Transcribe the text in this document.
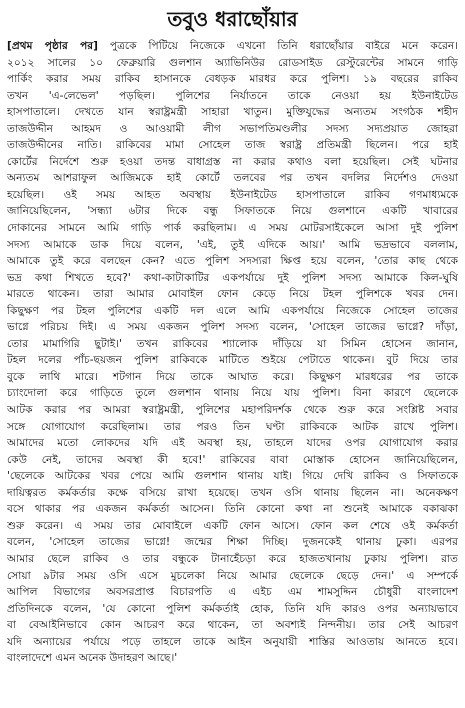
তবুও ধরাছোঁয়ার
[প্রথম পৃষ্ঠার পর] পুত্রকে পিটিয়ে নিজেকে এখনো তিনি ধরাছোঁয়ার বাইরে মনে করেন।
২০১২ সালের ১০ ফেব্রুয়ারি গুলশান অ্যাভিনিউর রোডসাইড রেস্টুরেন্টের সামনে গাড়ি
পার্কিং করার সময় রাকিব হাসানকে বেধড়ক মারধর করে পুলিশ। ১৯ বছরের রাকিব
তখন 'এ-লেভেল' পড়ছিল। পুলিশের নির্যাতনে তাকে নেওয়া হয় ইউনাইটেড
হাসপাতালে। দেখতে যান স্বরাষ্ট্রমন্ত্রী সাহারা খাতুন। মুক্তিযুদ্ধের অন্যতম সংগঠক শহীদ
তাজউদ্দীন আহমদ ও আওয়ামী লীগ সভাপতিমণ্ডলীর সদস্য সদ্যপ্রয়াত জোহরা
তাজউদ্দীনের নাতি। রাকিবের মামা সোহেল তাজ স্বরাষ্ট্র প্রতিমন্ত্রী ছিলেন। পরে হাই
কোর্টের নির্দেশে শুরু হওয়া তদন্ত বাধাগ্রস্ত না করার কথাও বলা হয়েছিল। সেই ঘটনার
অন্যতম আশরাফুল আজিমকে হাই কোর্টে তলবের পর তখন বদলির নির্দেশও দেওয়া
হয়েছিল। ওই সময় আহত অবস্থায় ইউনাইটেড হাসপাতালে রাকিব গণমাধ্যমকে
জানিয়েছিলেন, 'সন্ধ্যা ৬টার দিকে বন্ধু সিফাতকে নিয়ে গুলশানে একটি খাবারের
দোকানের সামনে আমি গাড়ি পার্ক করছিলাম। এ সময় মোটরসাইকেলে আসা দুই পুলিশ
সদস্য আমাকে ডাক দিয়ে বলেন, 'এই, তুই এদিকে আয়।' আমি ভদ্রভাবে বললাম,
আমাকে তুই করে বলছেন কেন? এতে পুলিশ সদস্যরা ক্ষিপ্ত হয়ে বলেন, 'তোর কাছ থেকে
ভদ্র কথা শিখতে হবে?' কথা-কাটাকাটির একপর্যায়ে দুই পুলিশ সদস্য আমাকে কিল-ঘুষি
মারতে থাকেন। তারা আমার মোবাইল ফোন কেড়ে নিয়ে টহল পুলিশকে খবর দেন।
কিছুক্ষণ পর টহল পুলিশের একটি দল এলে আমি একপর্যায়ে নিজেকে সোহেল তাজের
ভাগ্নে পরিচয় দিই। এ সময় একজন পুলিশ সদস্য বলেন, 'সোহেল তাজের ভাগ্নে? দাঁড়া,
তোর মামাগিরি ছুটাই।' তখন রাকিবের শ্যালোক দাঁড়িয়ে যা সিমিন হোসেন জানান,
টহল দলের পাঁচ-ছয়জন পুলিশ রাকিবকে মাটিতে শুইয়ে পেটাতে থাকেন। বুট দিয়ে তার
বুকে লাথি মারে। শটগান দিয়ে তাকে আঘাত করে। কিছুক্ষণ মারধরের পর তাকে
চ্যাংদোলা করে গাড়িতে তুলে গুলশান থানায় নিয়ে যায় পুলিশ। বিনা কারণে ছেলেকে
আটক করার পর আমরা স্বরাষ্ট্রমন্ত্রী, পুলিশের মহাপরিদর্শক থেকে শুরু করে সংশ্লিষ্ট সবার
সঙ্গে যোগাযোগ করেছিলাম। তার পরও তিন ঘণ্টা রাকিবকে আটক রাখে পুলিশ।
আমাদের মতো লোকদের যদি এই অবস্থা হয়, তাহলে যাদের ওপর যোগাযোগ করার
কেউ নেই, তাদের অবস্থা কী হবে!' রাকিবের বাবা মোস্তাক হোসেন জানিয়েছিলেন,
'ছেলেকে আটকের খবর পেয়ে আমি গুলশান থানায় যাই। গিয়ে দেখি রাকিব ও সিফাতকে
দায়িত্বরত কর্মকর্তার কক্ষে বসিয়ে রাখা হয়েছে। তখন ওসি থানায় ছিলেন না। অনেকক্ষণ
বসে থাকার পর একজন কর্মকর্তা আসেন। তিনি কোনো কথা না শুনেই আমাকে বকাঝকা
শুরু করেন। এ সময় তার মোবাইলে একটি ফোন আসে। ফোন কল শেষে ওই কর্মকর্তা
বলেন, 'সোহেল তাজের ভাগ্নে! জন্মের শিক্ষা দিচ্ছি। দুজনকেই থানায় ঢুকা। এরপর
আমার ছেলে রাকিব ও তার বন্ধুকে টানাহেঁচড়া করে হাজতখানায় ঢুকায় পুলিশ। রাত
সোয়া ৯টার সময় ওসি এসে মুচলেকা নিয়ে আমার ছেলেকে ছেড়ে দেন।' এ সম্পর্কে
আপিল বিভাগের অবসরপ্রাপ্ত বিচারপতি এ এইচ এম শামসুদ্দিন চৌধুরী বাংলাদেশ
প্রতিদিনকে বলেন, 'যে কোনো পুলিশ কর্মকর্তাই হোক, তিনি যদি কারও ওপর অন্যায়ভাবে
বা বেআইনিভাবে কোন আচরণ করে থাকেন, তা অবশ্যই নিন্দনীয়। তার সেই আচরণ
যদি অন্যায়ের পর্যায়ে পড়ে তাহলে তাকে আইন অনুযায়ী শাস্তির আওতায় আনতে হবে।
বাংলাদেশে এমন অনেক উদাহরণ আছে।'
